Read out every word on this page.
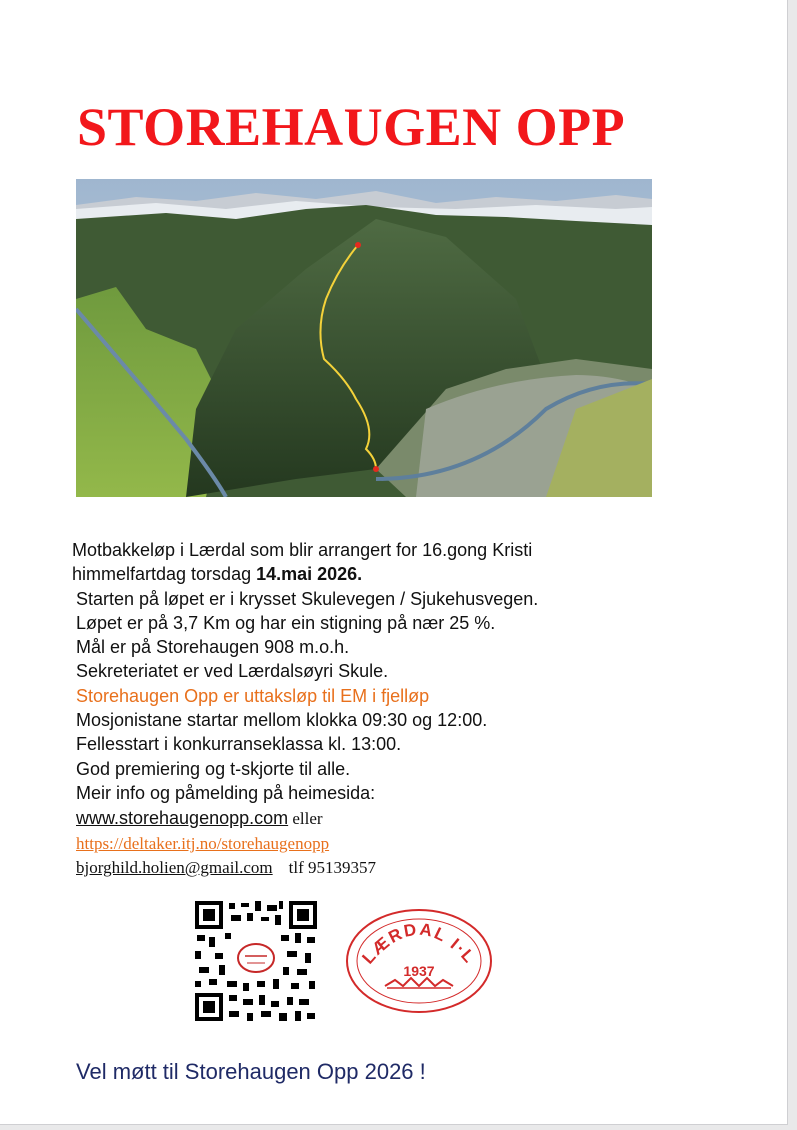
STOREHAUGEN OPP
Motbakkeløp i Lærdal som blir arrangert for 16.gong Kristi
himmelfartdag torsdag 14.mai 2026.
Starten på løpet er i krysset Skulevegen / Sjukehusvegen.
Løpet er på 3,7 Km og har ein stigning på nær 25 %.
Mål er på Storehaugen 908 m.o.h.
Sekreteriatet er ved Lærdalsøyri Skule.
Storehaugen Opp er uttaksløp til EM i fjelløp
Mosjonistane startar mellom klokka 09:30 og 12:00.
Fellesstart i konkurranseklassa kl. 13:00.
God premiering og t-skjorte til alle.
Meir info og påmelding på heimesida:
www.storehaugenopp.com eller
https://deltaker.itj.no/storehaugenopp
bjorghild.holien@gmail.com tlf 95139357
LÆRDAL I·L
1937
Vel møtt til Storehaugen Opp 2026 !
